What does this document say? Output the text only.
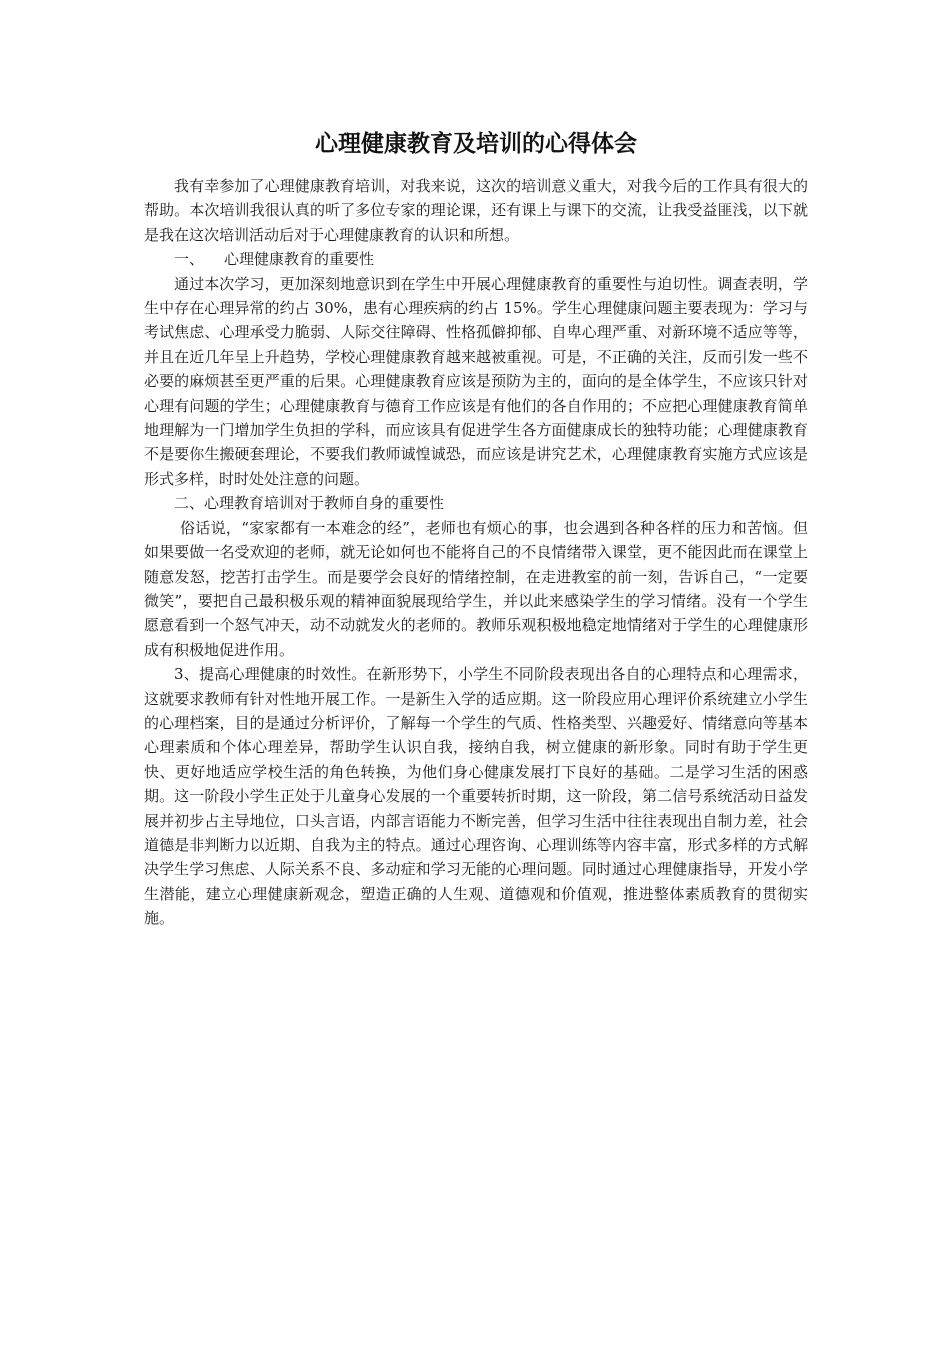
心理健康教育及培训的心得体会

我有幸参加了心理健康教育培训，对我来说，这次的培训意义重大，对我今后的工作具有很大的帮助。本次培训我很认真的听了多位专家的理论课，还有课上与课下的交流，让我受益匪浅，以下就是我在这次培训活动后对于心理健康教育的认识和所想。

一、 心理健康教育的重要性

通过本次学习，更加深刻地意识到在学生中开展心理健康教育的重要性与迫切性。调查表明，学生中存在心理异常的约占 30%，患有心理疾病的约占 15%。学生心理健康问题主要表现为：学习与考试焦虑、心理承受力脆弱、人际交往障碍、性格孤僻抑郁、自卑心理严重、对新环境不适应等等，并且在近几年呈上升趋势，学校心理健康教育越来越被重视。可是，不正确的关注，反而引发一些不必要的麻烦甚至更严重的后果。心理健康教育应该是预防为主的，面向的是全体学生，不应该只针对心理有问题的学生；心理健康教育与德育工作应该是有他们的各自作用的；不应把心理健康教育简单地理解为一门增加学生负担的学科，而应该具有促进学生各方面健康成长的独特功能；心理健康教育不是要你生搬硬套理论，不要我们教师诚惶诚恐，而应该是讲究艺术，心理健康教育实施方式应该是形式多样，时时处处注意的问题。

二、心理教育培训对于教师自身的重要性

俗话说，“家家都有一本难念的经”，老师也有烦心的事，也会遇到各种各样的压力和苦恼。但如果要做一名受欢迎的老师，就无论如何也不能将自己的不良情绪带入课堂，更不能因此而在课堂上随意发怒，挖苦打击学生。而是要学会良好的情绪控制，在走进教室的前一刻，告诉自己，“一定要微笑”，要把自己最积极乐观的精神面貌展现给学生，并以此来感染学生的学习情绪。没有一个学生愿意看到一个怒气冲天，动不动就发火的老师的。教师乐观积极地稳定地情绪对于学生的心理健康形成有积极地促进作用。

3、提高心理健康的时效性。在新形势下，小学生不同阶段表现出各自的心理特点和心理需求，这就要求教师有针对性地开展工作。一是新生入学的适应期。这一阶段应用心理评价系统建立小学生的心理档案，目的是通过分析评价，了解每一个学生的气质、性格类型、兴趣爱好、情绪意向等基本心理素质和个体心理差异，帮助学生认识自我，接纳自我，树立健康的新形象。同时有助于学生更快、更好地适应学校生活的角色转换，为他们身心健康发展打下良好的基础。二是学习生活的困惑期。这一阶段小学生正处于儿童身心发展的一个重要转折时期，这一阶段，第二信号系统活动日益发展并初步占主导地位，口头言语，内部言语能力不断完善，但学习生活中往往表现出自制力差，社会道德是非判断力以近期、自我为主的特点。通过心理咨询、心理训练等内容丰富，形式多样的方式解决学生学习焦虑、人际关系不良、多动症和学习无能的心理问题。同时通过心理健康指导，开发小学生潜能，建立心理健康新观念，塑造正确的人生观、道德观和价值观，推进整体素质教育的贯彻实施。
